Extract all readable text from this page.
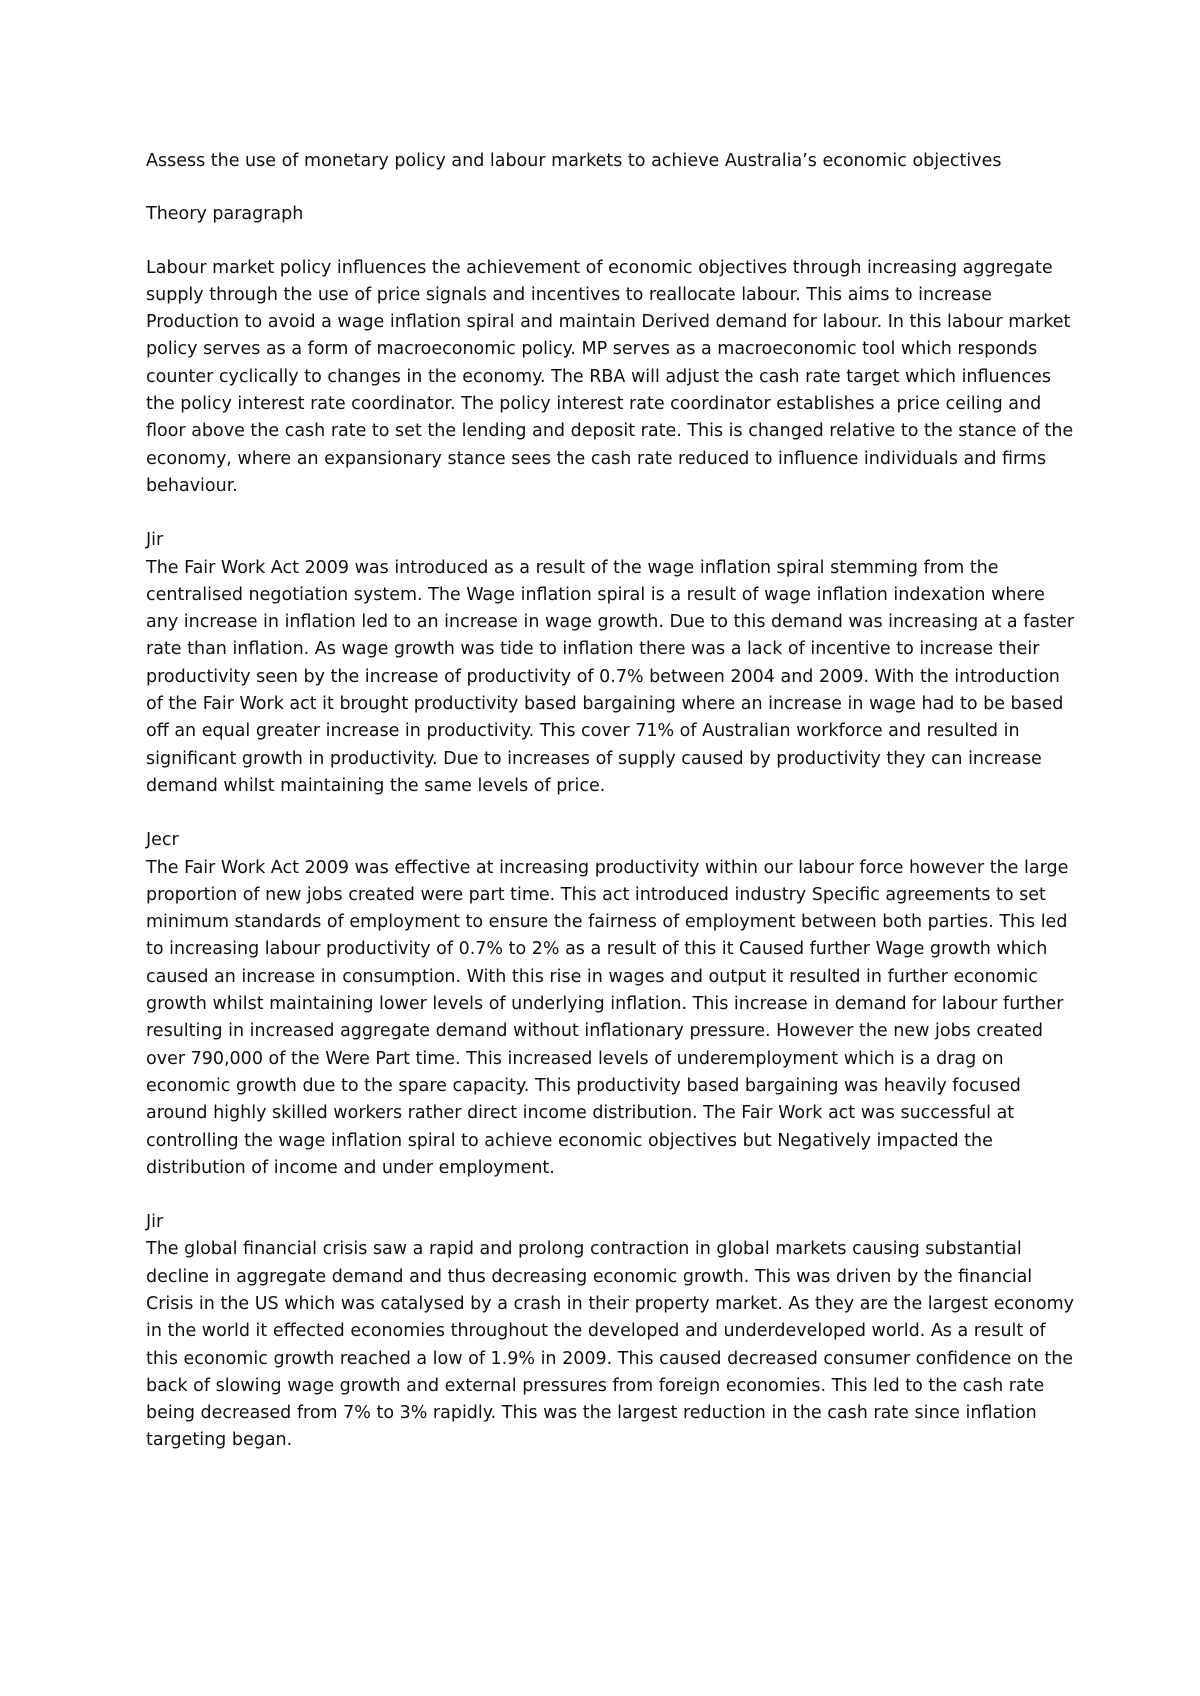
Assess the use of monetary policy and labour markets to achieve Australia’s economic objectives

Theory paragraph

Labour market policy influences the achievement of economic objectives through increasing aggregate supply through the use of price signals and incentives to reallocate labour. This aims to increase Production to avoid a wage inflation spiral and maintain Derived demand for labour. In this labour market policy serves as a form of macroeconomic policy. MP serves as a macroeconomic tool which responds counter cyclically to changes in the economy. The RBA will adjust the cash rate target which influences the policy interest rate coordinator. The policy interest rate coordinator establishes a price ceiling and floor above the cash rate to set the lending and deposit rate. This is changed relative to the stance of the economy, where an expansionary stance sees the cash rate reduced to influence individuals and firms behaviour.

Jir

The Fair Work Act 2009 was introduced as a result of the wage inflation spiral stemming from the centralised negotiation system. The Wage inflation spiral is a result of wage inflation indexation where any increase in inflation led to an increase in wage growth. Due to this demand was increasing at a faster rate than inflation. As wage growth was tide to inflation there was a lack of incentive to increase their productivity seen by the increase of productivity of 0.7% between 2004 and 2009. With the introduction of the Fair Work act it brought productivity based bargaining where an increase in wage had to be based off an equal greater increase in productivity. This cover 71% of Australian workforce and resulted in significant growth in productivity. Due to increases of supply caused by productivity they can increase demand whilst maintaining the same levels of price.

Jecr

The Fair Work Act 2009 was effective at increasing productivity within our labour force however the large proportion of new jobs created were part time. This act introduced industry Specific agreements to set minimum standards of employment to ensure the fairness of employment between both parties. This led to increasing labour productivity of 0.7% to 2% as a result of this it Caused further Wage growth which caused an increase in consumption. With this rise in wages and output it resulted in further economic growth whilst maintaining lower levels of underlying inflation. This increase in demand for labour further resulting in increased aggregate demand without inflationary pressure. However the new jobs created over 790,000 of the Were Part time. This increased levels of underemployment which is a drag on economic growth due to the spare capacity. This productivity based bargaining was heavily focused around highly skilled workers rather direct income distribution. The Fair Work act was successful at controlling the wage inflation spiral to achieve economic objectives but Negatively impacted the distribution of income and under employment.

Jir

The global financial crisis saw a rapid and prolong contraction in global markets causing substantial decline in aggregate demand and thus decreasing economic growth. This was driven by the financial Crisis in the US which was catalysed by a crash in their property market. As they are the largest economy in the world it effected economies throughout the developed and underdeveloped world. As a result of this economic growth reached a low of 1.9% in 2009. This caused decreased consumer confidence on the back of slowing wage growth and external pressures from foreign economies. This led to the cash rate being decreased from 7% to 3% rapidly. This was the largest reduction in the cash rate since inflation targeting began.
